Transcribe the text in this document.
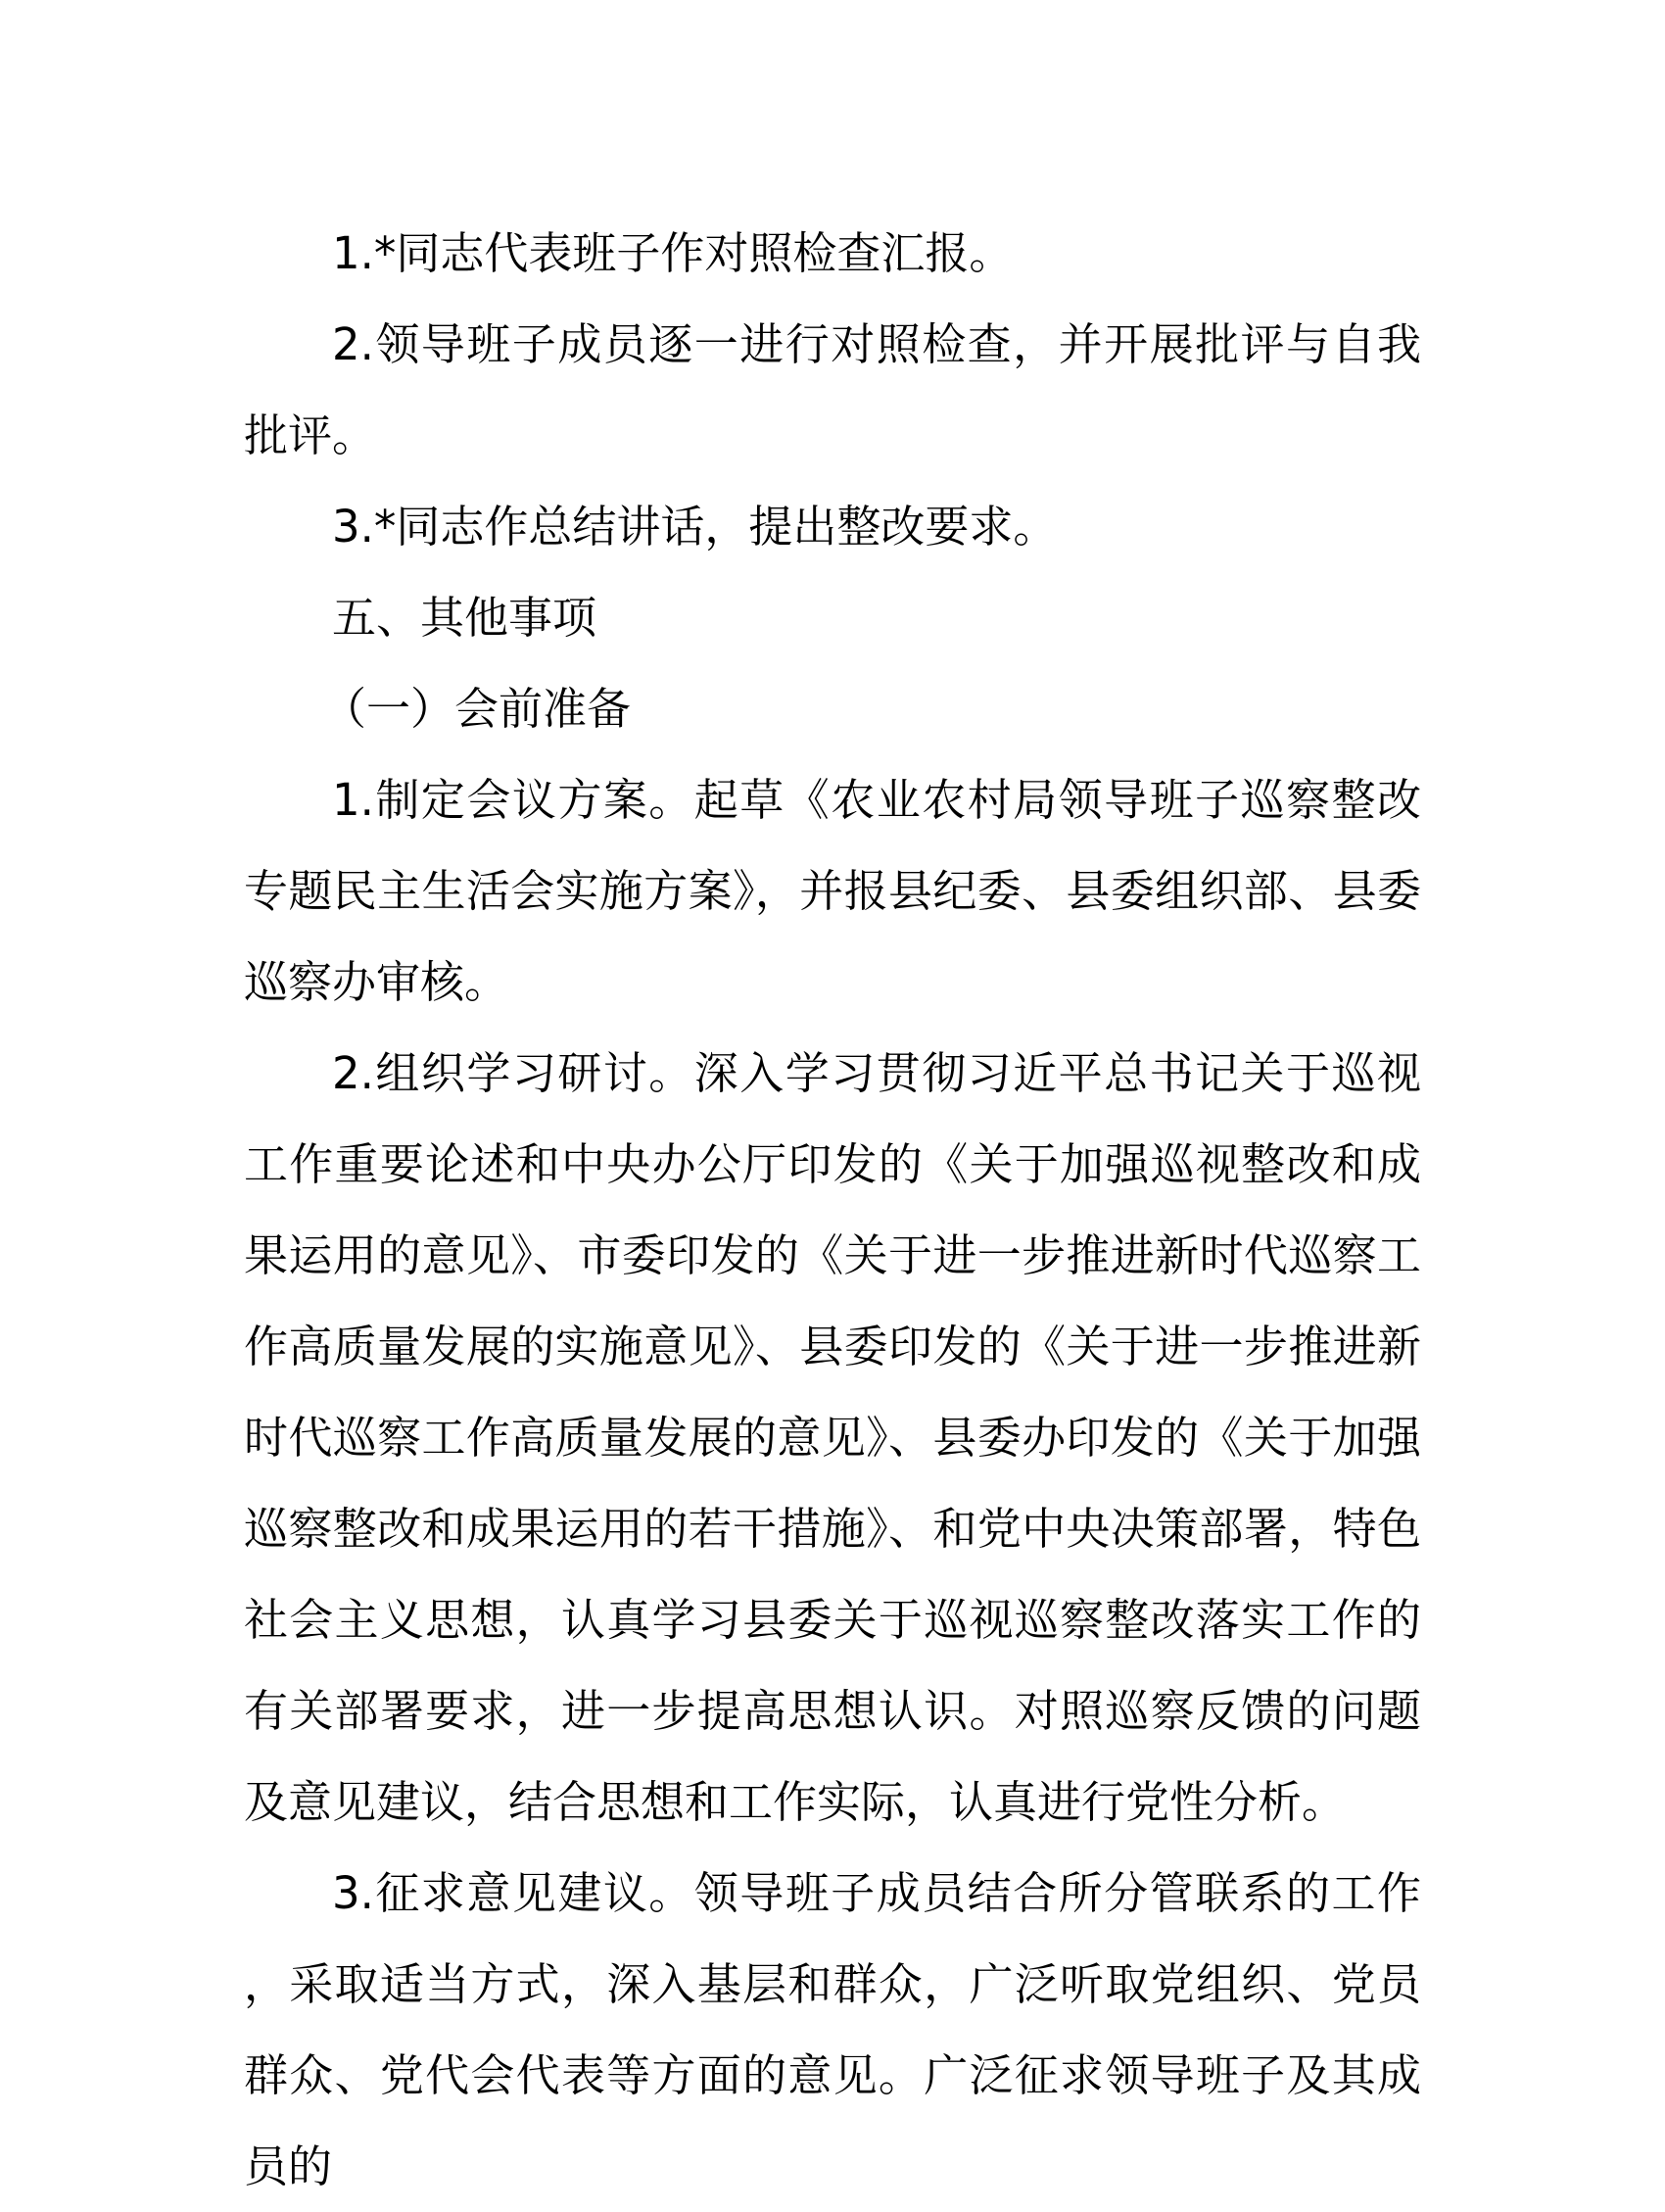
1.*同志代表班子作对照检查汇报。

2.领导班子成员逐一进行对照检查，并开展批评与自我批评。

3.*同志作总结讲话，提出整改要求。

五、其他事项

（一）会前准备

1.制定会议方案。起草《农业农村局领导班子巡察整改专题民主生活会实施方案》，并报县纪委、县委组织部、县委巡察办审核。

2.组织学习研讨。深入学习贯彻习近平总书记关于巡视工作重要论述和中央办公厅印发的《关于加强巡视整改和成果运用的意见》、市委印发的《关于进一步推进新时代巡察工作高质量发展的实施意见》、县委印发的《关于进一步推进新时代巡察工作高质量发展的意见》、县委办印发的《关于加强巡察整改和成果运用的若干措施》、和党中央决策部署，特色社会主义思想，认真学习县委关于巡视巡察整改落实工作的有关部署要求，进一步提高思想认识。对照巡察反馈的问题及意见建议，结合思想和工作实际，认真进行党性分析。

3.征求意见建议。领导班子成员结合所分管联系的工作，采取适当方式，深入基层和群众，广泛听取党组织、党员群众、党代会代表等方面的意见。广泛征求领导班子及其成员的
